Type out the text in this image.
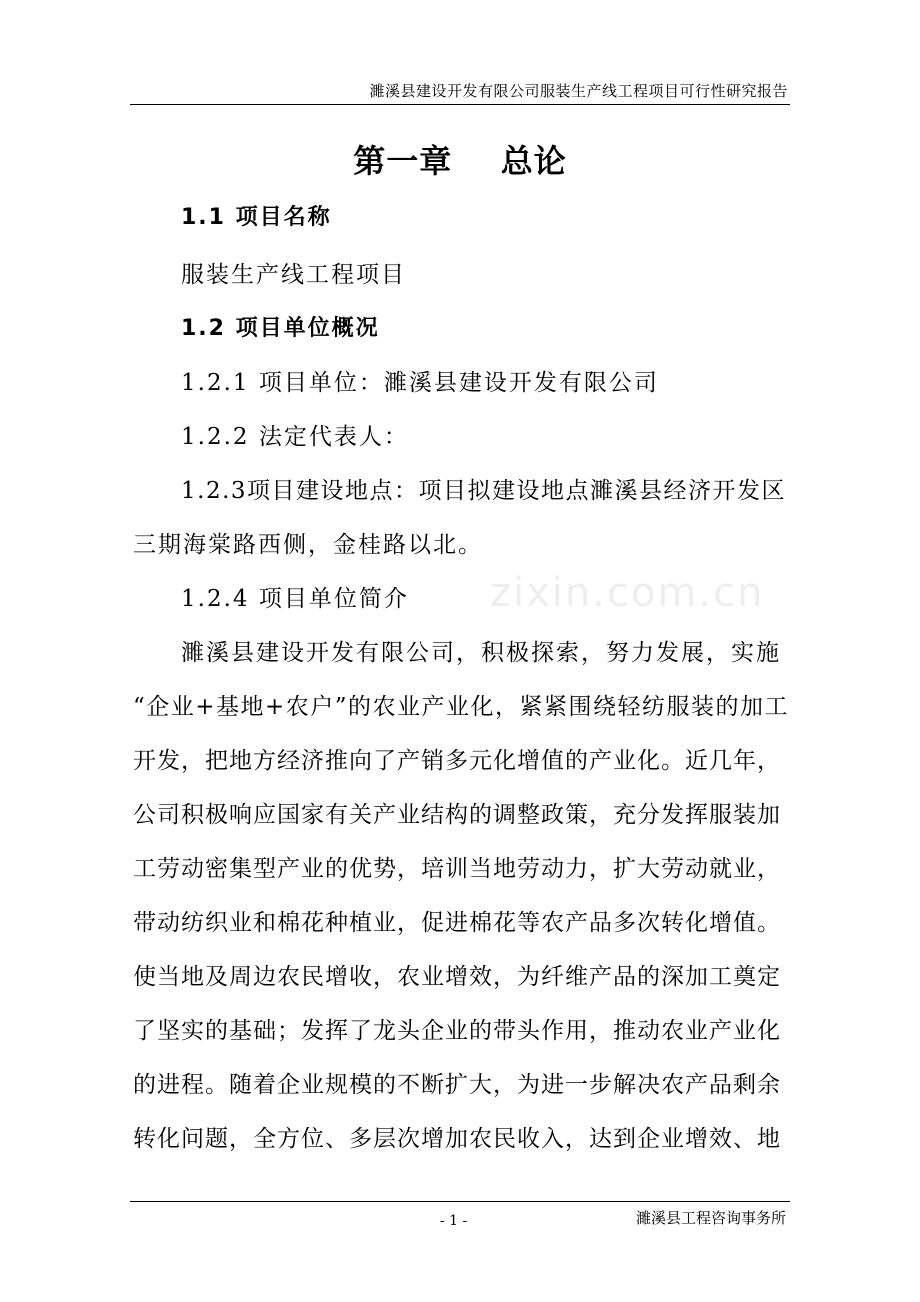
濉溪县建设开发有限公司服装生产线工程项目可行性研究报告
第一章    总论
1.1 项目名称
服装生产线工程项目
1.2 项目单位概况
1.2.1 项目单位：濉溪县建设开发有限公司
1.2.2 法定代表人：
1.2.3项目建设地点：项目拟建设地点濉溪县经济开发区
三期海棠路西侧，金桂路以北。
1.2.4 项目单位简介	zixin.com.cn
濉溪县建设开发有限公司，积极探索，努力发展，实施
“企业+基地+农户”的农业产业化，紧紧围绕轻纺服装的加工
开发，把地方经济推向了产销多元化增值的产业化。近几年，
公司积极响应国家有关产业结构的调整政策，充分发挥服装加
工劳动密集型产业的优势，培训当地劳动力，扩大劳动就业，
带动纺织业和棉花种植业，促进棉花等农产品多次转化增值。
使当地及周边农民增收，农业增效，为纤维产品的深加工奠定
了坚实的基础；发挥了龙头企业的带头作用，推动农业产业化
的进程。随着企业规模的不断扩大，为进一步解决农产品剩余
转化问题，全方位、多层次增加农民收入，达到企业增效、地
- 1 -	濉溪县工程咨询事务所
